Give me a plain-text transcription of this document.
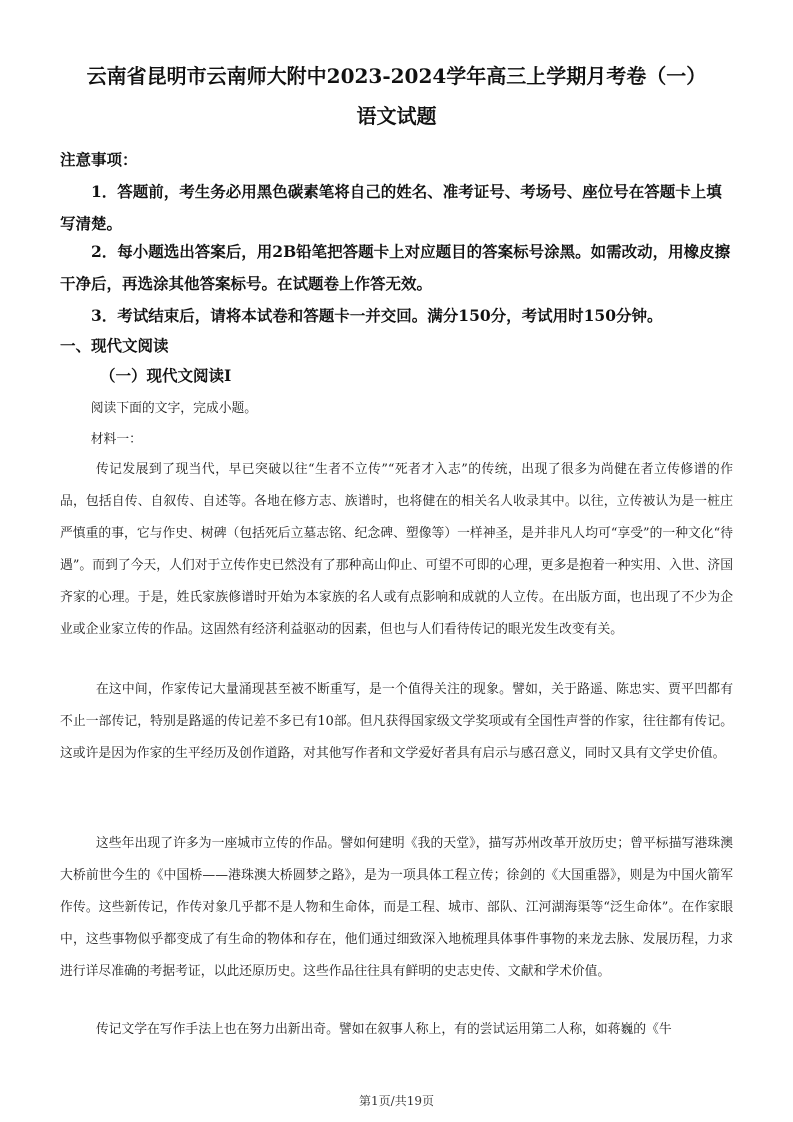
云南省昆明市云南师大附中2023-2024学年高三上学期月考卷（一）
语文试题
注意事项：
1．答题前，考生务必用黑色碳素笔将自己的姓名、准考证号、考场号、座位号在答题卡上填写清楚。
2．每小题选出答案后，用2B铅笔把答题卡上对应题目的答案标号涂黑。如需改动，用橡皮擦干净后，再选涂其他答案标号。在试题卷上作答无效。
3．考试结束后，请将本试卷和答题卡一并交回。满分150分，考试用时150分钟。
一、现代文阅读
（一）现代文阅读Ⅰ
阅读下面的文字，完成小题。
材料一：
传记发展到了现当代，早已突破以往“生者不立传”“死者才入志”的传统，出现了很多为尚健在者立传修谱的作品，包括自传、自叙传、自述等。各地在修方志、族谱时，也将健在的相关名人收录其中。以往，立传被认为是一桩庄严慎重的事，它与作史、树碑（包括死后立墓志铭、纪念碑、塑像等）一样神圣，是并非凡人均可“享受”的一种文化“待遇”。而到了今天，人们对于立传作史已然没有了那种高山仰止、可望不可即的心理，更多是抱着一种实用、入世、济国齐家的心理。于是，姓氏家族修谱时开始为本家族的名人或有点影响和成就的人立传。在出版方面，也出现了不少为企业或企业家立传的作品。这固然有经济利益驱动的因素，但也与人们看待传记的眼光发生改变有关。
在这中间，作家传记大量涌现甚至被不断重写，是一个值得关注的现象。譬如，关于路遥、陈忠实、贾平凹都有不止一部传记，特别是路遥的传记差不多已有10部。但凡获得国家级文学奖项或有全国性声誉的作家，往往都有传记。这或许是因为作家的生平经历及创作道路，对其他写作者和文学爱好者具有启示与感召意义，同时又具有文学史价值。
这些年出现了许多为一座城市立传的作品。譬如何建明《我的天堂》，描写苏州改革开放历史；曾平标描写港珠澳大桥前世今生的《中国桥——港珠澳大桥圆梦之路》，是为一项具体工程立传；徐剑的《大国重器》，则是为中国火箭军作传。这些新传记，作传对象几乎都不是人物和生命体，而是工程、城市、部队、江河湖海渠等“泛生命体”。在作家眼中，这些事物似乎都变成了有生命的物体和存在，他们通过细致深入地梳理具体事件事物的来龙去脉、发展历程，力求进行详尽准确的考据考证，以此还原历史。这些作品往往具有鲜明的史志史传、文献和学术价值。
传记文学在写作手法上也在努力出新出奇。譬如在叙事人称上，有的尝试运用第二人称，如蒋巍的《牛
第1页/共19页
